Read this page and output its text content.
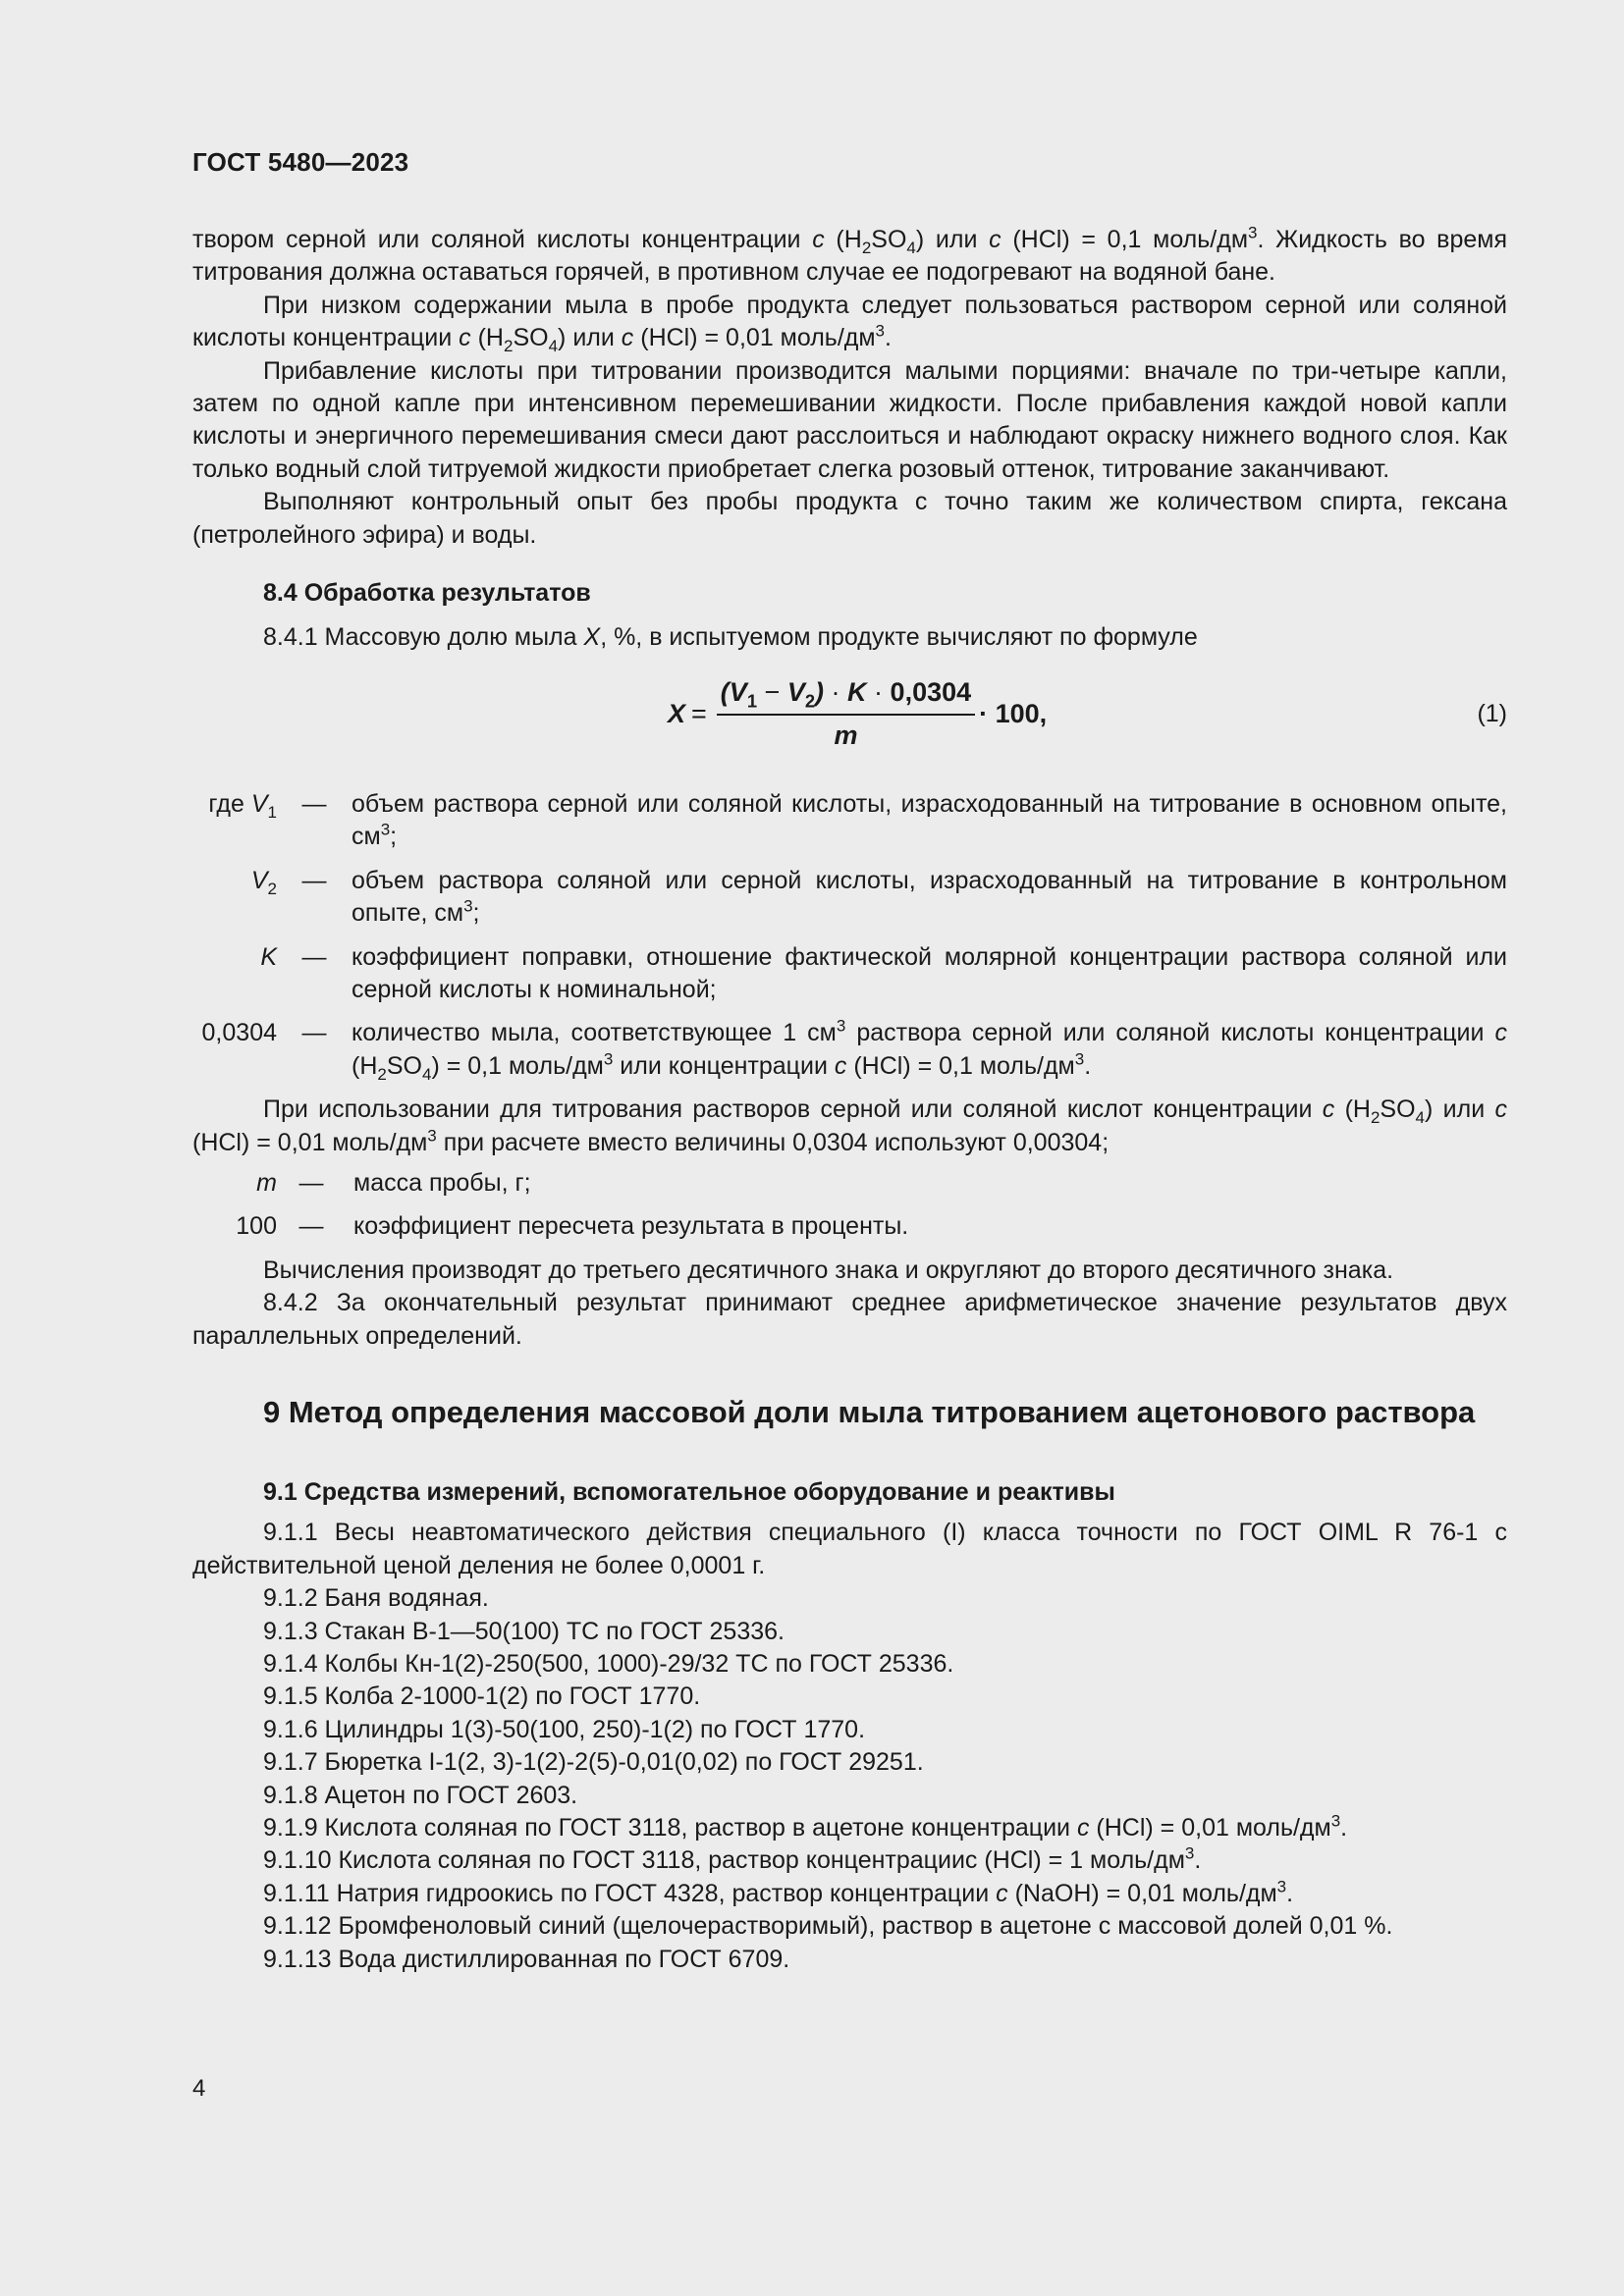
ГОСТ 5480—2023

твором серной или соляной кислоты концентрации c $(H_2SO_4)$ или c (HCl) = 0,1 моль/$дм^3$. Жидкость во время титрования должна оставаться горячей, в противном случае ее подогревают на водяной бане.

При низком содержании мыла в пробе продукта следует пользоваться раствором серной или соляной кислоты концентрации c $(H_2SO_4)$ или c (HCl) = 0,01 моль/$дм^3$.

Прибавление кислоты при титровании производится малыми порциями: вначале по три-четыре капли, затем по одной капле при интенсивном перемешивании жидкости. После прибавления каждой новой капли кислоты и энергичного перемешивания смеси дают расслоиться и наблюдают окраску нижнего водного слоя. Как только водный слой титруемой жидкости приобретает слегка розовый оттенок, титрование заканчивают.

Выполняют контрольный опыт без пробы продукта с точно таким же количеством спирта, гексана (петролейного эфира) и воды.

8.4 Обработка результатов

8.4.1 Массовую долю мыла X, %, в испытуемом продукте вычисляют по формуле

$X = \frac{(V_1 - V_2) \cdot K \cdot 0,0304}{m} \cdot 100$,	(1)
где $V_1$	—	объем раствора серной или соляной кислоты, израсходованный на титрование в основном опыте, $см^3$;
$V_2$	—	объем раствора соляной или серной кислоты, израсходованный на титрование в контрольном опыте, $см^3$;
K	—	коэффициент поправки, отношение фактической молярной концентрации раствора соляной или серной кислоты к номинальной;
0,0304	—	количество мыла, соответствующее 1 $см^3$ раствора серной или соляной кислоты концентрации c $(H_2SO_4) = 0,1$ моль/$дм^3$ или концентрации c (HCl) = 0,1 моль/$дм^3$.

При использовании для титрования растворов серной или соляной кислот концентрации c $(H_2SO_4)$ или c (HCl) = 0,01 моль/$дм^3$ при расчете вместо величины 0,0304 используют 0,00304;

m —	масса пробы, г;
100 —	коэффициент пересчета результата в проценты.

Вычисления производят до третьего десятичного знака и округляют до второго десятичного знака.

8.4.2 За окончательный результат принимают среднее арифметическое значение результатов двух параллельных определений.

9 Метод определения массовой доли мыла титрованием ацетонового раствора
9.1 Средства измерений, вспомогательное оборудование и реактивы

9.1.1 Весы неавтоматического действия специального (I) класса точности по ГОСТ OIML R 76-1 с действительной ценой деления не более 0,0001 г.

9.1.2 Баня водяная.

9.1.3 Стакан В-1—50(100) ТС по ГОСТ 25336.

9.1.4 Колбы Кн-1(2)-250(500, 1000)-29/32 ТС по ГОСТ 25336.

9.1.5 Колба 2-1000-1(2) по ГОСТ 1770.

9.1.6 Цилиндры 1(3)-50(100, 250)-1(2) по ГОСТ 1770.

9.1.7 Бюретка I-1(2, 3)-1(2)-2(5)-0,01(0,02) по ГОСТ 29251.

9.1.8 Ацетон по ГОСТ 2603.

9.1.9 Кислота соляная по ГОСТ 3118, раствор в ацетоне концентрации c (HCl) = 0,01 моль/$дм^3$.

9.1.10 Кислота соляная по ГОСТ 3118, раствор концентрациис (HCl) = 1 моль/$дм^3$.

9.1.11 Натрия гидроокись по ГОСТ 4328, раствор концентрации c (NaOH) = 0,01 моль/$дм^3$.

9.1.12 Бромфеноловый синий (щелочерастворимый), раствор в ацетоне с массовой долей 0,01 %.

9.1.13 Вода дистиллированная по ГОСТ 6709.

4
